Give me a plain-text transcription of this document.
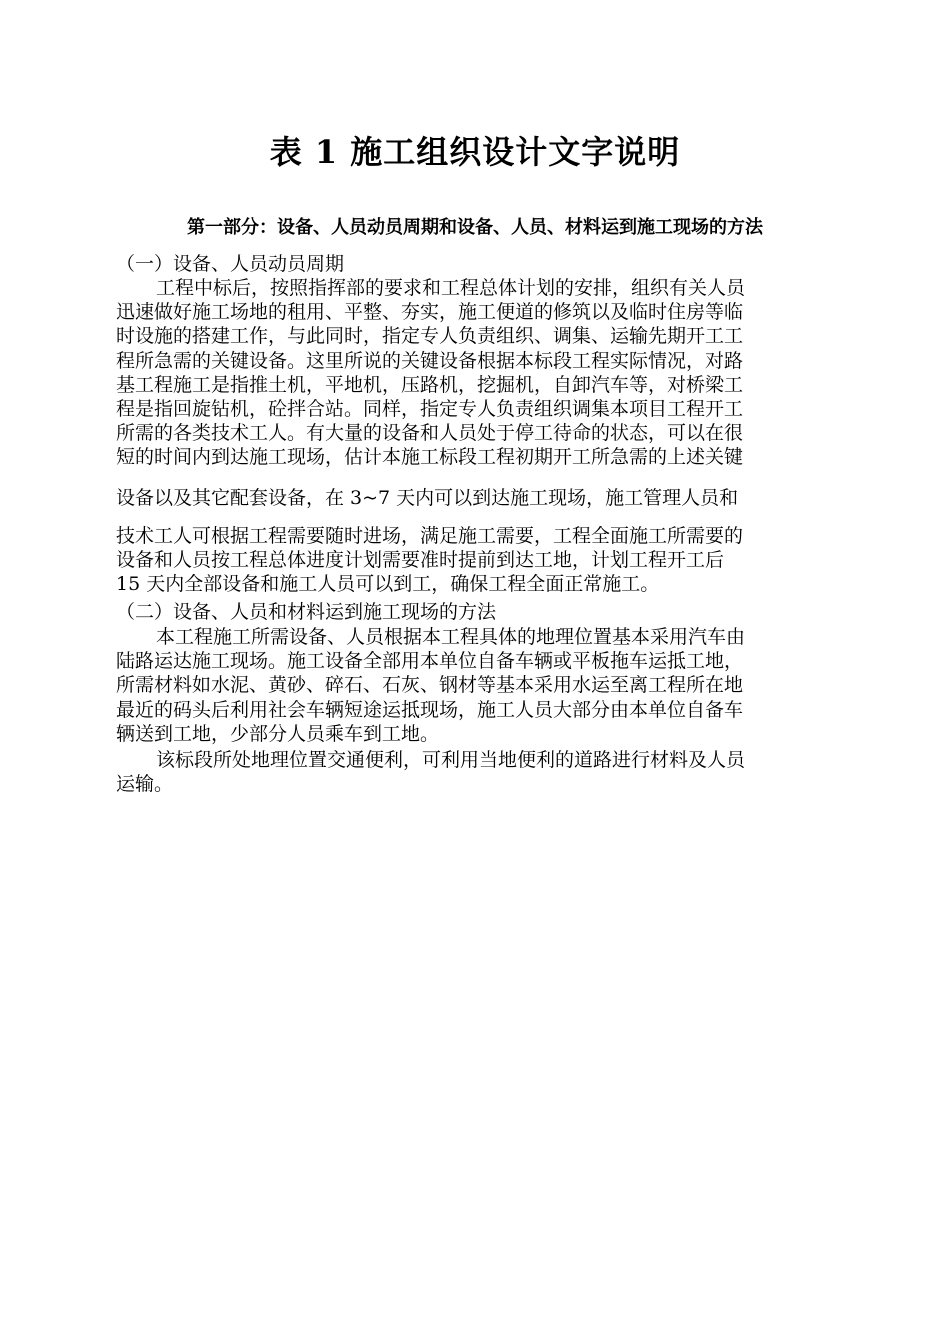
表 1 施工组织设计文字说明
第一部分：设备、人员动员周期和设备、人员、材料运到施工现场的方法
（一）设备、人员动员周期
工程中标后，按照指挥部的要求和工程总体计划的安排，组织有关人员
迅速做好施工场地的租用、平整、夯实，施工便道的修筑以及临时住房等临
时设施的搭建工作，与此同时，指定专人负责组织、调集、运输先期开工工
程所急需的关键设备。这里所说的关键设备根据本标段工程实际情况，对路
基工程施工是指推土机，平地机，压路机，挖掘机，自卸汽车等，对桥梁工
程是指回旋钻机，砼拌合站。同样，指定专人负责组织调集本项目工程开工
所需的各类技术工人。有大量的设备和人员处于停工待命的状态，可以在很
短的时间内到达施工现场，估计本施工标段工程初期开工所急需的上述关键
设备以及其它配套设备，在 3~7 天内可以到达施工现场，施工管理人员和
技术工人可根据工程需要随时进场，满足施工需要，工程全面施工所需要的
设备和人员按工程总体进度计划需要准时提前到达工地，计划工程开工后
15 天内全部设备和施工人员可以到工，确保工程全面正常施工。
（二）设备、人员和材料运到施工现场的方法
本工程施工所需设备、人员根据本工程具体的地理位置基本采用汽车由
陆路运达施工现场。施工设备全部用本单位自备车辆或平板拖车运抵工地，
所需材料如水泥、黄砂、碎石、石灰、钢材等基本采用水运至离工程所在地
最近的码头后利用社会车辆短途运抵现场，施工人员大部分由本单位自备车
辆送到工地，少部分人员乘车到工地。
该标段所处地理位置交通便利，可利用当地便利的道路进行材料及人员
运输。
